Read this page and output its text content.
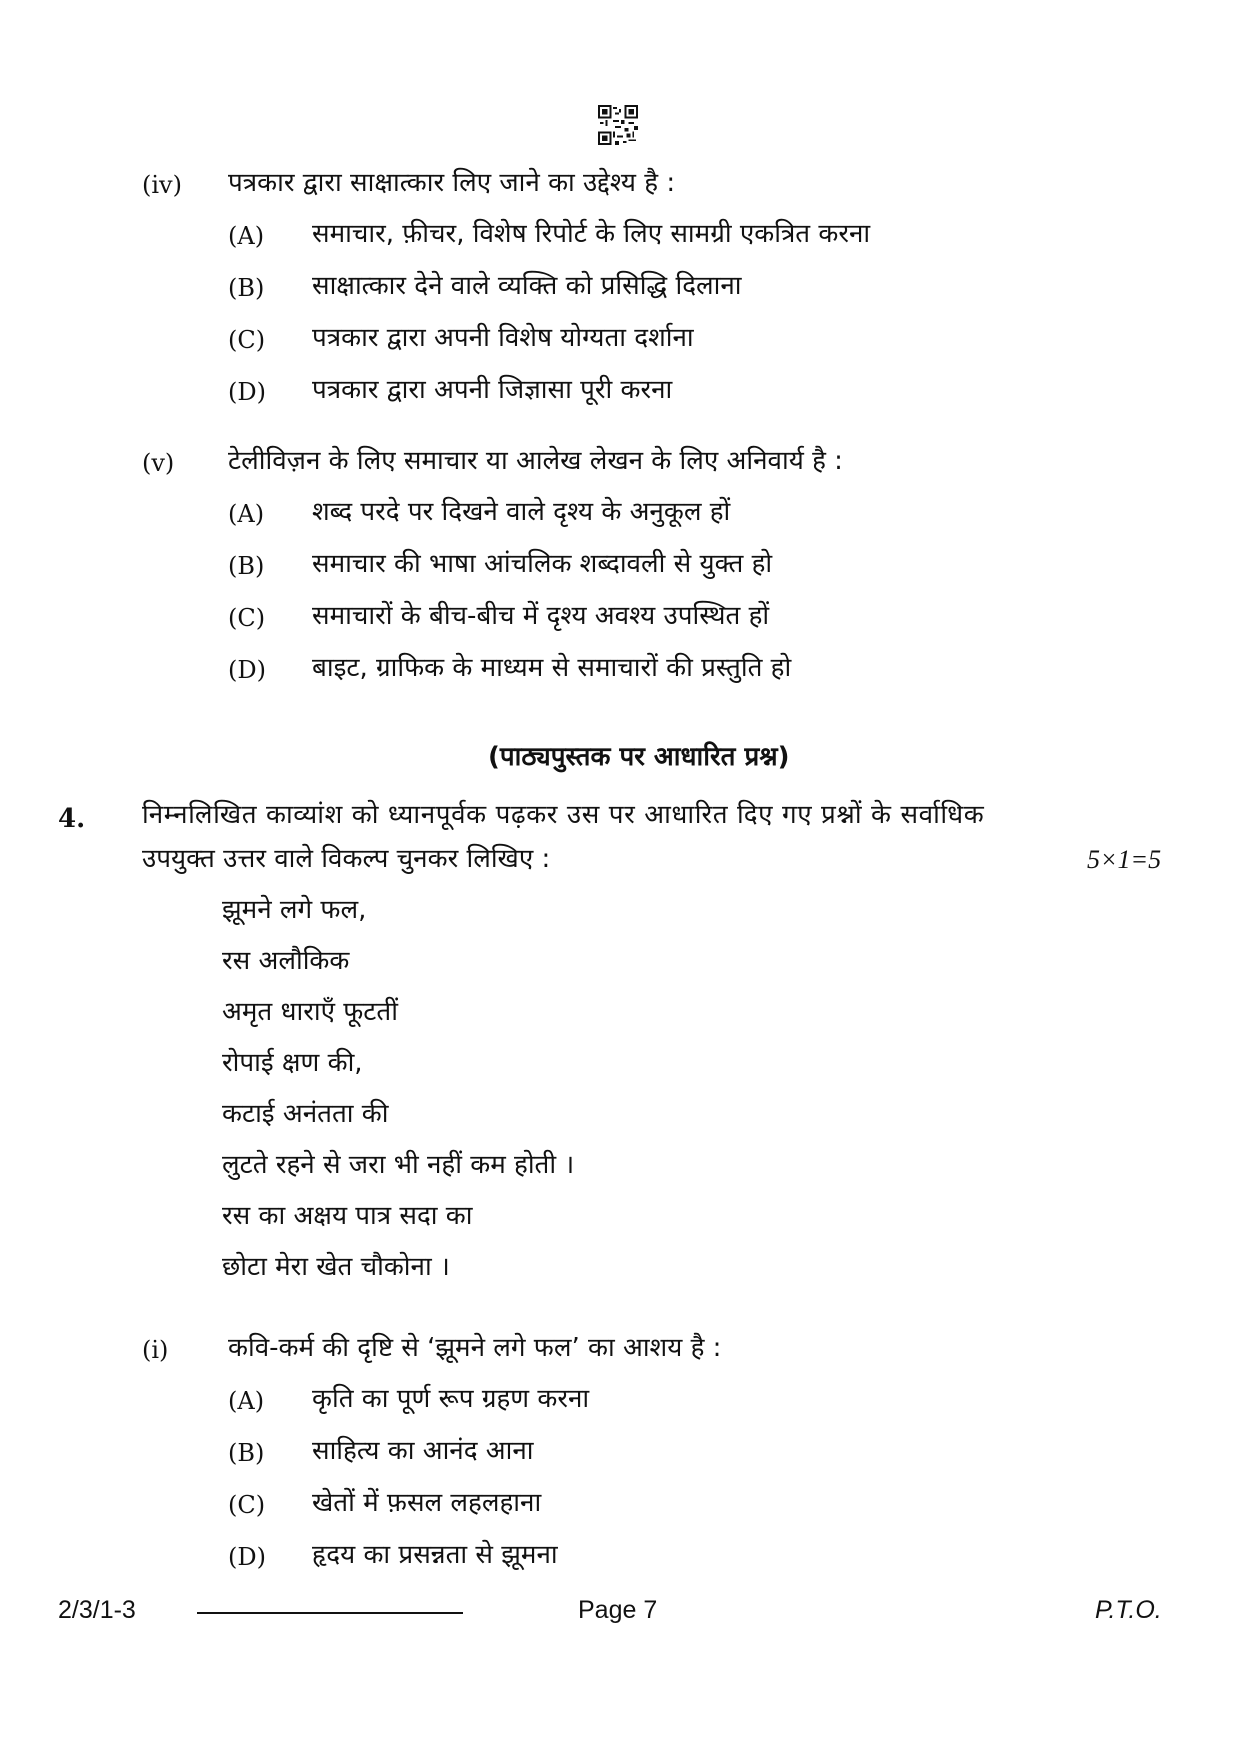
(iv) पत्रकार द्वारा साक्षात्कार लिए जाने का उद्देश्य है :
(A) समाचार, फ़ीचर, विशेष रिपोर्ट के लिए सामग्री एकत्रित करना
(B) साक्षात्कार देने वाले व्यक्ति को प्रसिद्धि दिलाना
(C) पत्रकार द्वारा अपनी विशेष योग्यता दर्शाना
(D) पत्रकार द्वारा अपनी जिज्ञासा पूरी करना
(v) टेलीविज़न के लिए समाचार या आलेख लेखन के लिए अनिवार्य है :
(A) शब्द परदे पर दिखने वाले दृश्य के अनुकूल हों
(B) समाचार की भाषा आंचलिक शब्दावली से युक्त हो
(C) समाचारों के बीच-बीच में दृश्य अवश्य उपस्थित हों
(D) बाइट, ग्राफिक के माध्यम से समाचारों की प्रस्तुति हो
(पाठ्यपुस्तक पर आधारित प्रश्न)
4. निम्नलिखित काव्यांश को ध्यानपूर्वक पढ़कर उस पर आधारित दिए गए प्रश्नों के सर्वाधिक
उपयुक्त उत्तर वाले विकल्प चुनकर लिखिए :	5×1=5
झूमने लगे फल,
रस अलौकिक
अमृत धाराएँ फूटतीं
रोपाई क्षण की,
कटाई अनंतता की
लुटते रहने से जरा भी नहीं कम होती ।
रस का अक्षय पात्र सदा का
छोटा मेरा खेत चौकोना ।
(i) कवि-कर्म की दृष्टि से ‘झूमने लगे फल’ का आशय है :
(A) कृति का पूर्ण रूप ग्रहण करना
(B) साहित्य का आनंद आना
(C) खेतों में फ़सल लहलहाना
(D) हृदय का प्रसन्नता से झूमना
2/3/1-3	Page 7	P.T.O.
